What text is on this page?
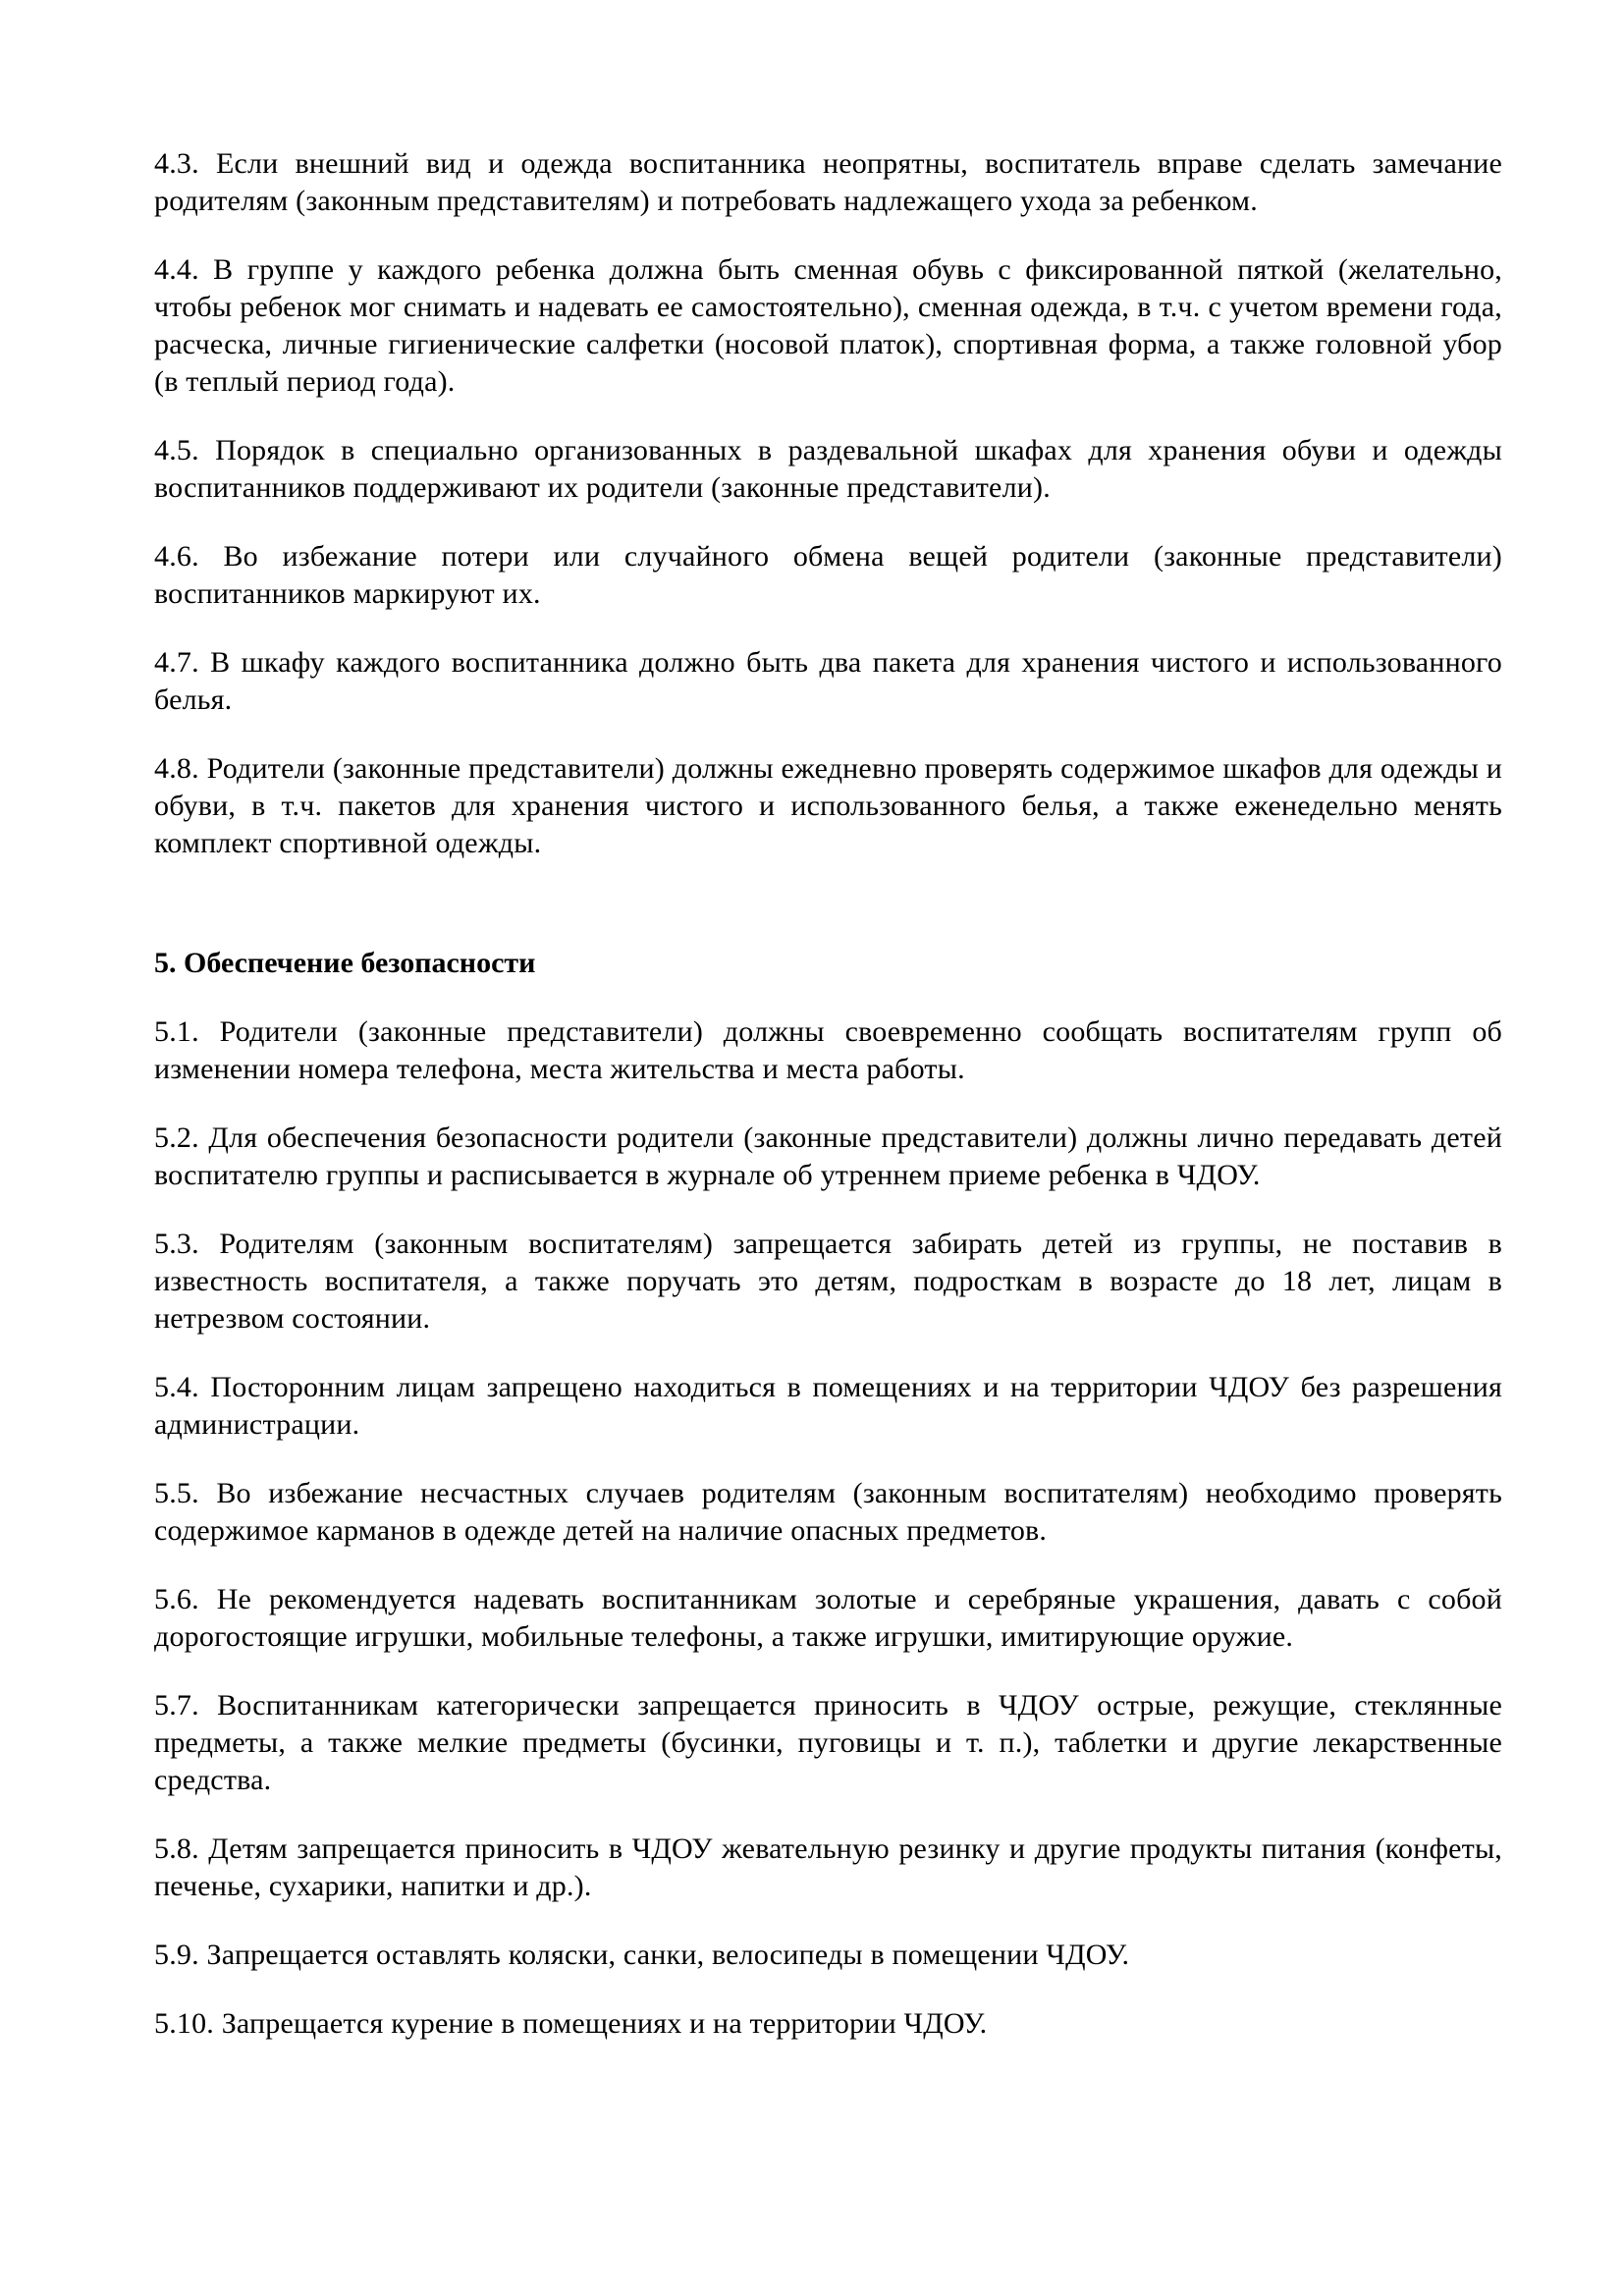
4.3. Если внешний вид и одежда воспитанника неопрятны, воспитатель вправе сделать замечание родителям (законным представителям) и потребовать надлежащего ухода за ребенком.

4.4. В группе у каждого ребенка должна быть сменная обувь с фиксированной пяткой (желательно, чтобы ребенок мог снимать и надевать ее самостоятельно), сменная одежда, в т.ч. с учетом времени года, расческа, личные гигиенические салфетки (носовой платок), спортивная форма, а также головной убор (в теплый период года).

4.5. Порядок в специально организованных в раздевальной шкафах для хранения обуви и одежды воспитанников поддерживают их родители (законные представители).

4.6. Во избежание потери или случайного обмена вещей родители (законные представители) воспитанников маркируют их.

4.7. В шкафу каждого воспитанника должно быть два пакета для хранения чистого и использованного белья.

4.8. Родители (законные представители) должны ежедневно проверять содержимое шкафов для одежды и обуви, в т.ч. пакетов для хранения чистого и использованного белья, а также еженедельно менять комплект спортивной одежды.

5. Обеспечение безопасности

5.1. Родители (законные представители) должны своевременно сообщать воспитателям групп об изменении номера телефона, места жительства и места работы.

5.2. Для обеспечения безопасности родители (законные представители) должны лично передавать детей воспитателю группы и расписывается в журнале об утреннем приеме ребенка в ЧДОУ.

5.3. Родителям (законным воспитателям) запрещается забирать детей из группы, не поставив в известность воспитателя, а также поручать это детям, подросткам в возрасте до 18 лет, лицам в нетрезвом состоянии.

5.4. Посторонним лицам запрещено находиться в помещениях и на территории ЧДОУ без разрешения администрации.

5.5. Во избежание несчастных случаев родителям (законным воспитателям) необходимо проверять содержимое карманов в одежде детей на наличие опасных предметов.

5.6. Не рекомендуется надевать воспитанникам золотые и серебряные украшения, давать с собой дорогостоящие игрушки, мобильные телефоны, а также игрушки, имитирующие оружие.

5.7. Воспитанникам категорически запрещается приносить в ЧДОУ острые, режущие, стеклянные предметы, а также мелкие предметы (бусинки, пуговицы и т. п.), таблетки и другие лекарственные средства.

5.8. Детям запрещается приносить в ЧДОУ жевательную резинку и другие продукты питания (конфеты, печенье, сухарики, напитки и др.).

5.9. Запрещается оставлять коляски, санки, велосипеды в помещении ЧДОУ.

5.10. Запрещается курение в помещениях и на территории ЧДОУ.
